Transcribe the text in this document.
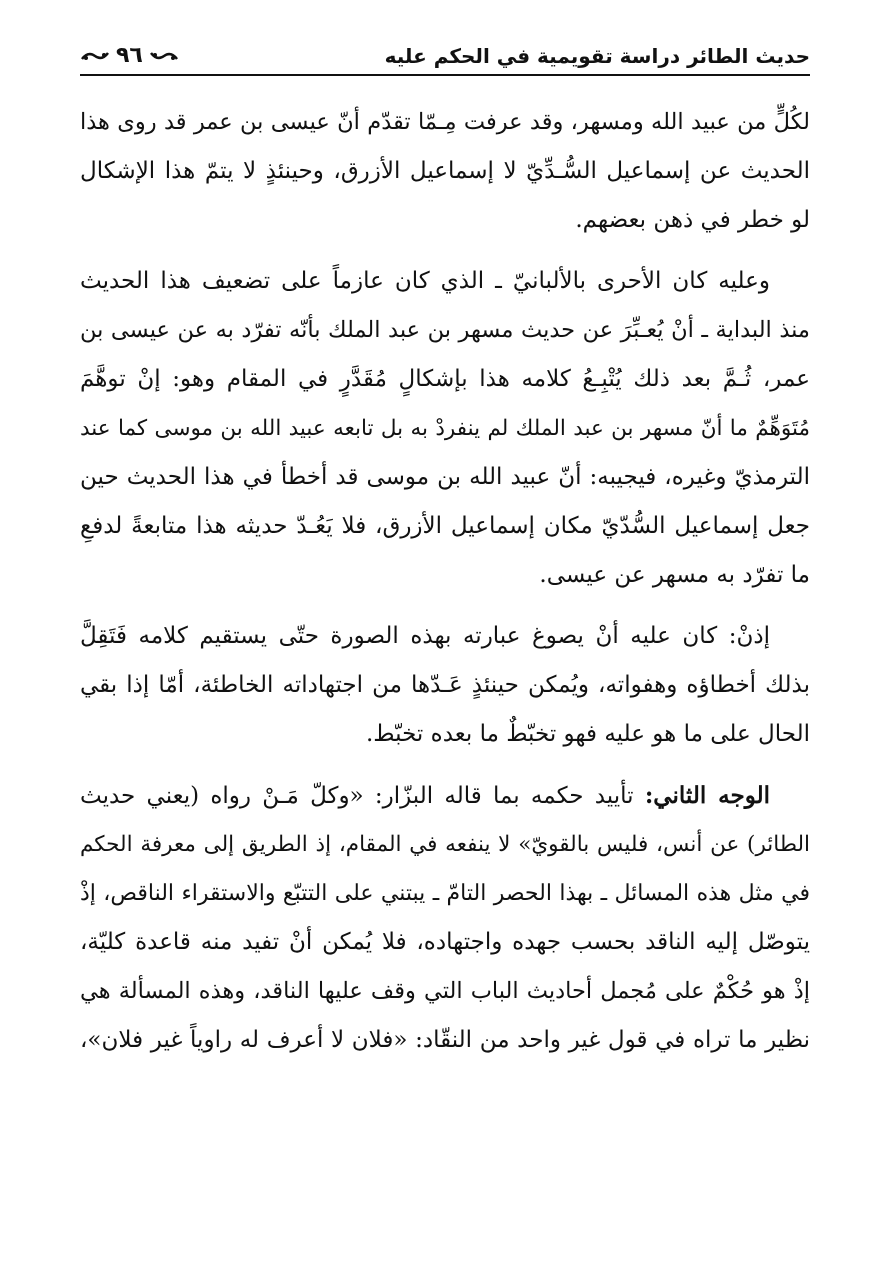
حديث الطائر دراسة تقويمية في الحكم عليه
٩٦
لكُلٍّ من عبيد الله ومسهر، وقد عرفت مِـمّا تقدّم أنّ عيسى بن عمر قد روى هذا
الحديث عن إسماعيل السُّـدِّيّ لا إسماعيل الأزرق، وحينئذٍ لا يتمّ هذا الإشكال
لو خطر في ذهن بعضهم.
وعليه كان الأحرى بالألبانيّ ـ الذي كان عازماً على تضعيف هذا الحديث
منذ البداية ـ أنْ يُعـبِّرَ عن حديث مسهر بن عبد الملك بأنّه تفرّد به عن عيسى بن
عمر، ثُـمَّ بعد ذلك يُتْبِـعُ كلامه هذا بإشكالٍ مُقَدَّرٍ في المقام وهو: إنْ توهَّمَ
مُتَوَهِّمٌ ما أنّ مسهر بن عبد الملك لم ينفردْ به بل تابعه عبيد الله بن موسى كما عند
الترمذيّ وغيره، فيجيبه: أنّ عبيد الله بن موسى قد أخطأ في هذا الحديث حين
جعل إسماعيل السُّدّيّ مكان إسماعيل الأزرق، فلا يَعُـدّ حديثه هذا متابعةً لدفعِ
ما تفرّد به مسهر عن عيسى.
إذنْ: كان عليه أنْ يصوغ عبارته بهذه الصورة حتّى يستقيم كلامه فَتَقِلَّ
بذلك أخطاؤه وهفواته، ويُمكن حينئذٍ عَـدّها من اجتهاداته الخاطئة، أمّا إذا بقي
الحال على ما هو عليه فهو تخبّطٌ ما بعده تخبّط.
الوجه الثاني: تأييد حكمه بما قاله البزّار: «وكلّ مَـنْ رواه (يعني حديث
الطائر) عن أنس، فليس بالقويّ» لا ينفعه في المقام، إذ الطريق إلى معرفة الحكم
في مثل هذه المسائل ـ بهذا الحصر التامّ ـ يبتني على التتبّع والاستقراء الناقص، إذْ
يتوصّل إليه الناقد بحسب جهده واجتهاده، فلا يُمكن أنْ تفيد منه قاعدة كليّة،
إذْ هو حُكْمٌ على مُجمل أحاديث الباب التي وقف عليها الناقد، وهذه المسألة هي
نظير ما تراه في قول غير واحد من النقّاد: «فلان لا أعرف له راوياً غير فلان»،
